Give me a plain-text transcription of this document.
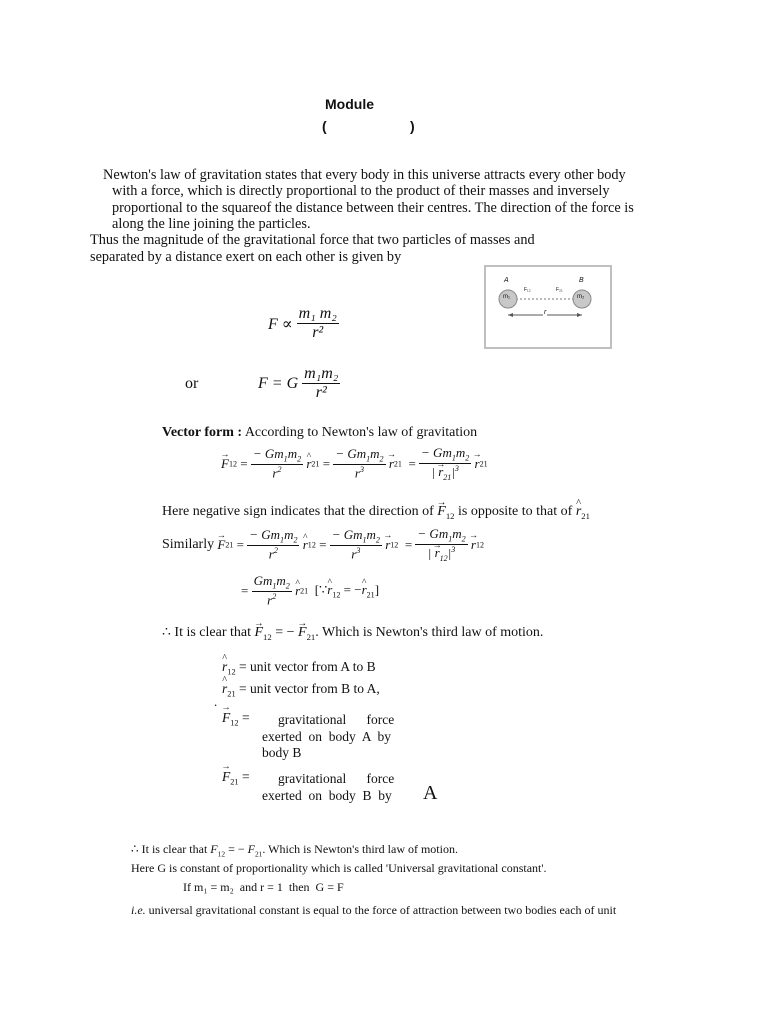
Module
(	)
Newton's law of gravitation states that every body in this universe attracts every other body
with a force, which is directly proportional to the product of their masses and inversely
proportional to the squareof the distance between their centres. The direction of the force is
along the line joining the particles.
Thus the magnitude of the gravitational force that two particles of masses and
separated by a distance exert on each other is given by
A	B
m₁	m₂
F₁₂	F₂₁
r
$F \propto \frac{\text{m₁ m₂}}{\text{r²}}$
or	F = G $\frac{\text{m₁m₂}}{\text{r²}}$
Vector form : According to Newton's law of gravitation
→ $F12 = \frac{- Gm_1m_2}{r^2}$
^ $r21 = \frac{- Gm_1m_2}{r^3}$
→ $r21 = \frac{- Gm_1m_2}{| \to r_{21}|^3}$
→ r21
Here negative sign indicates that the direction of → $F_{12}$ is opposite to that of ^ $r_{21}$
Similarly → $F21 = \frac{- Gm_1m_2}{r^2}$
^ $r12 = \frac{- Gm_1m_2}{r^3}$
→ $r12 = \frac{- Gm_1m_2}{| \to r_{12}|^3}$
→ r12
= $\frac{Gm_1m_2}{r^2}$
^ r21  [∵^ $r_{12}$ = −^ $r_{21}$]
∴ It is clear that → $F_{12}$ = − → $F_{21}$. Which is Newton's third law of motion.
^ $r_{12}$ = unit vector from A to B
^ $r_{21}$ = unit vector from B to A,
.
→ $F_{12}$ = gravitational      force
exerted  on  body  A  by
body B
→ $F_{21}$ = gravitational      force
exerted  on  body  B  by A
∴ It is clear that $F_{12}$ = − $F_{21}$. Which is Newton's third law of motion.
Here G is constant of proportionality which is called 'Universal gravitational constant'.
If m₁ = m₂  and r = 1  then  G = F
i.e. universal gravitational constant is equal to the force of attraction between two bodies each of unit
